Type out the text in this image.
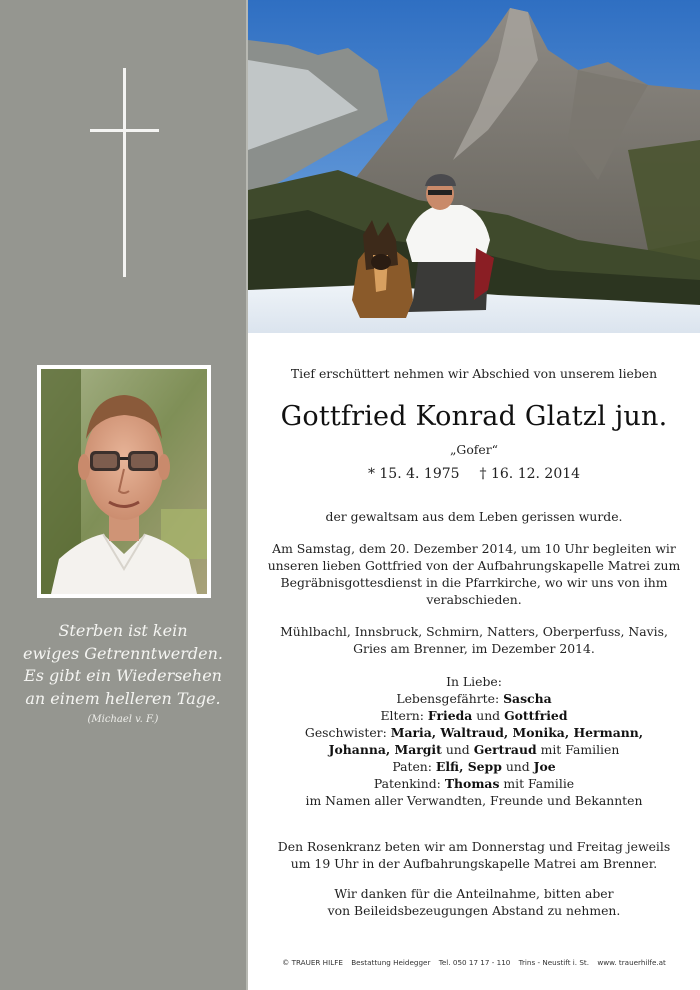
Sterben ist kein
ewiges Getrenntwerden.
Es gibt ein Wiedersehen
an einem helleren Tage.
(Michael v. F.)
Tief erschüttert nehmen wir Abschied von unserem lieben
Gottfried Konrad Glatzl jun.
„Gofer“
* 15. 4. 1975 † 16. 12. 2014
der gewaltsam aus dem Leben gerissen wurde.
Am Samstag, dem 20. Dezember 2014, um 10 Uhr begleiten wir
unseren lieben Gottfried von der Aufbahrungskapelle Matrei zum
Begräbnisgottesdienst in die Pfarrkirche, wo wir uns von ihm
verabschieden.
Mühlbachl, Innsbruck, Schmirn, Natters, Oberperfuss, Navis,
Gries am Brenner, im Dezember 2014.
In Liebe:
Lebensgefährte: Sascha
Eltern: Frieda und Gottfried
Geschwister: Maria, Waltraud, Monika, Hermann,
Johanna, Margit und Gertraud mit Familien
Paten: Elfi, Sepp und Joe
Patenkind: Thomas mit Familie
im Namen aller Verwandten, Freunde und Bekannten
Den Rosenkranz beten wir am Donnerstag und Freitag jeweils
um 19 Uhr in der Aufbahrungskapelle Matrei am Brenner.
Wir danken für die Anteilnahme, bitten aber
von Beileidsbezeugungen Abstand zu nehmen.
© TRAUER HILFE Bestattung Heidegger Tel. 050 17 17 - 110 Trins - Neustift i. St. www. trauerhilfe.at
